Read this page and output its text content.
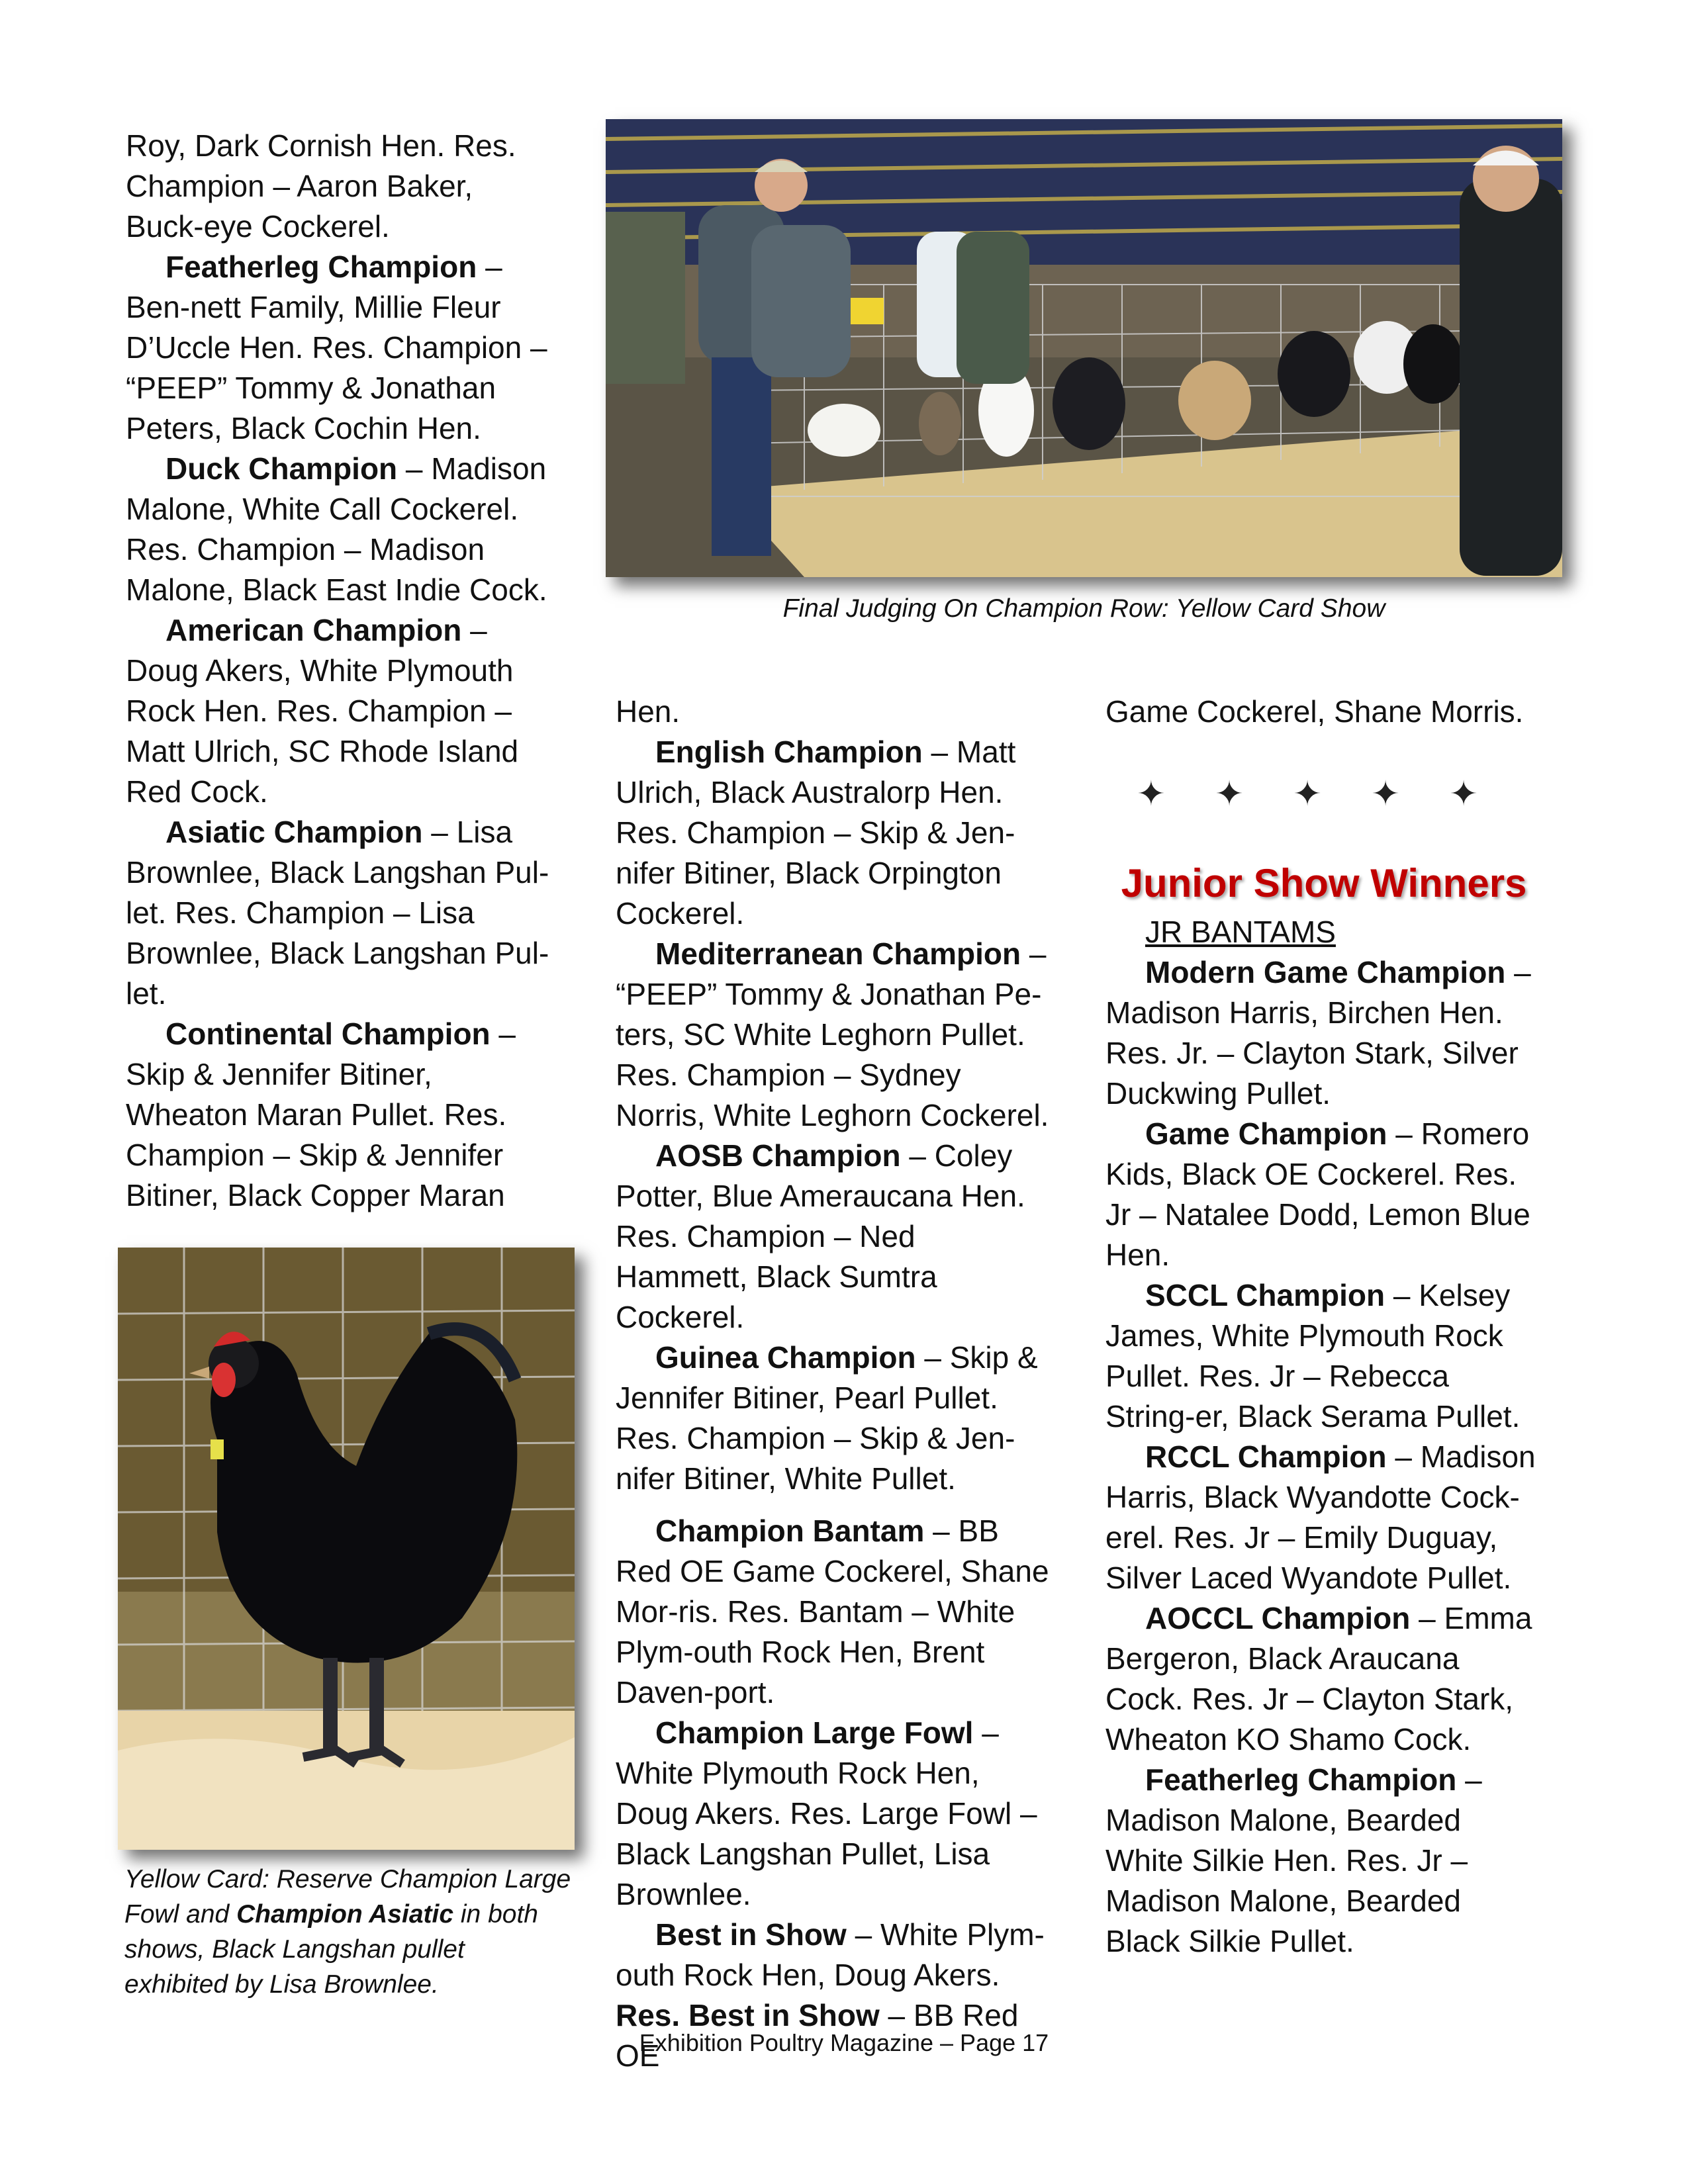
Roy, Dark Cornish Hen. Res. Champion – Aaron Baker, Buck-eye Cockerel.

Featherleg Champion – Ben-nett Family, Millie Fleur D’Uccle Hen. Res. Champion – “PEEP” Tommy & Jonathan Peters, Black Cochin Hen.

Duck Champion – Madison Malone, White Call Cockerel. Res. Champion – Madison Malone, Black East Indie Cock.

American Champion – Doug Akers, White Plymouth Rock Hen. Res. Champion – Matt Ulrich, SC Rhode Island Red Cock.

Asiatic Champion – Lisa Brownlee, Black Langshan Pul-let. Res. Champion – Lisa Brownlee, Black Langshan Pul-let.

Continental Champion – Skip & Jennifer Bitiner, Wheaton Maran Pullet. Res. Champion – Skip & Jennifer Bitiner, Black Copper Maran

Final Judging On Champion Row: Yellow Card Show
Yellow Card: Reserve Champion Large Fowl and Champion Asiatic in both shows, Black Langshan pullet exhibited by Lisa Brownlee.

Hen.

English Champion – Matt Ulrich, Black Australorp Hen. Res. Champion – Skip & Jen-nifer Bitiner, Black Orpington Cockerel.

Mediterranean Champion – “PEEP” Tommy & Jonathan Pe-ters, SC White Leghorn Pullet. Res. Champion – Sydney Norris, White Leghorn Cockerel.

AOSB Champion – Coley Potter, Blue Ameraucana Hen. Res. Champion – Ned Hammett, Black Sumtra Cockerel.

Guinea Champion – Skip & Jennifer Bitiner, Pearl Pullet. Res. Champion – Skip & Jen-nifer Bitiner, White Pullet.

Champion Bantam – BB Red OE Game Cockerel, Shane Mor-ris. Res. Bantam – White Plym-outh Rock Hen, Brent Daven-port.

Champion Large Fowl – White Plymouth Rock Hen, Doug Akers. Res. Large Fowl – Black Langshan Pullet, Lisa Brownlee.

Best in Show – White Plym-outh Rock Hen, Doug Akers.

Res. Best in Show – BB Red OE

Game Cockerel, Shane Morris.

✦ ✦ ✦ ✦ ✦
Junior Show Winners

JR BANTAMS

Modern Game Champion – Madison Harris, Birchen Hen. Res. Jr. – Clayton Stark, Silver Duckwing Pullet.

Game Champion – Romero Kids, Black OE Cockerel. Res. Jr – Natalee Dodd, Lemon Blue Hen.

SCCL Champion – Kelsey James, White Plymouth Rock Pullet. Res. Jr – Rebecca String-er, Black Serama Pullet.

RCCL Champion – Madison Harris, Black Wyandotte Cock-erel. Res. Jr – Emily Duguay, Silver Laced Wyandote Pullet.

AOCCL Champion – Emma Bergeron, Black Araucana Cock. Res. Jr – Clayton Stark, Wheaton KO Shamo Cock.

Featherleg Champion – Madison Malone, Bearded White Silkie Hen. Res. Jr – Madison Malone, Bearded Black Silkie Pullet.

Exhibition Poultry Magazine – Page 17
